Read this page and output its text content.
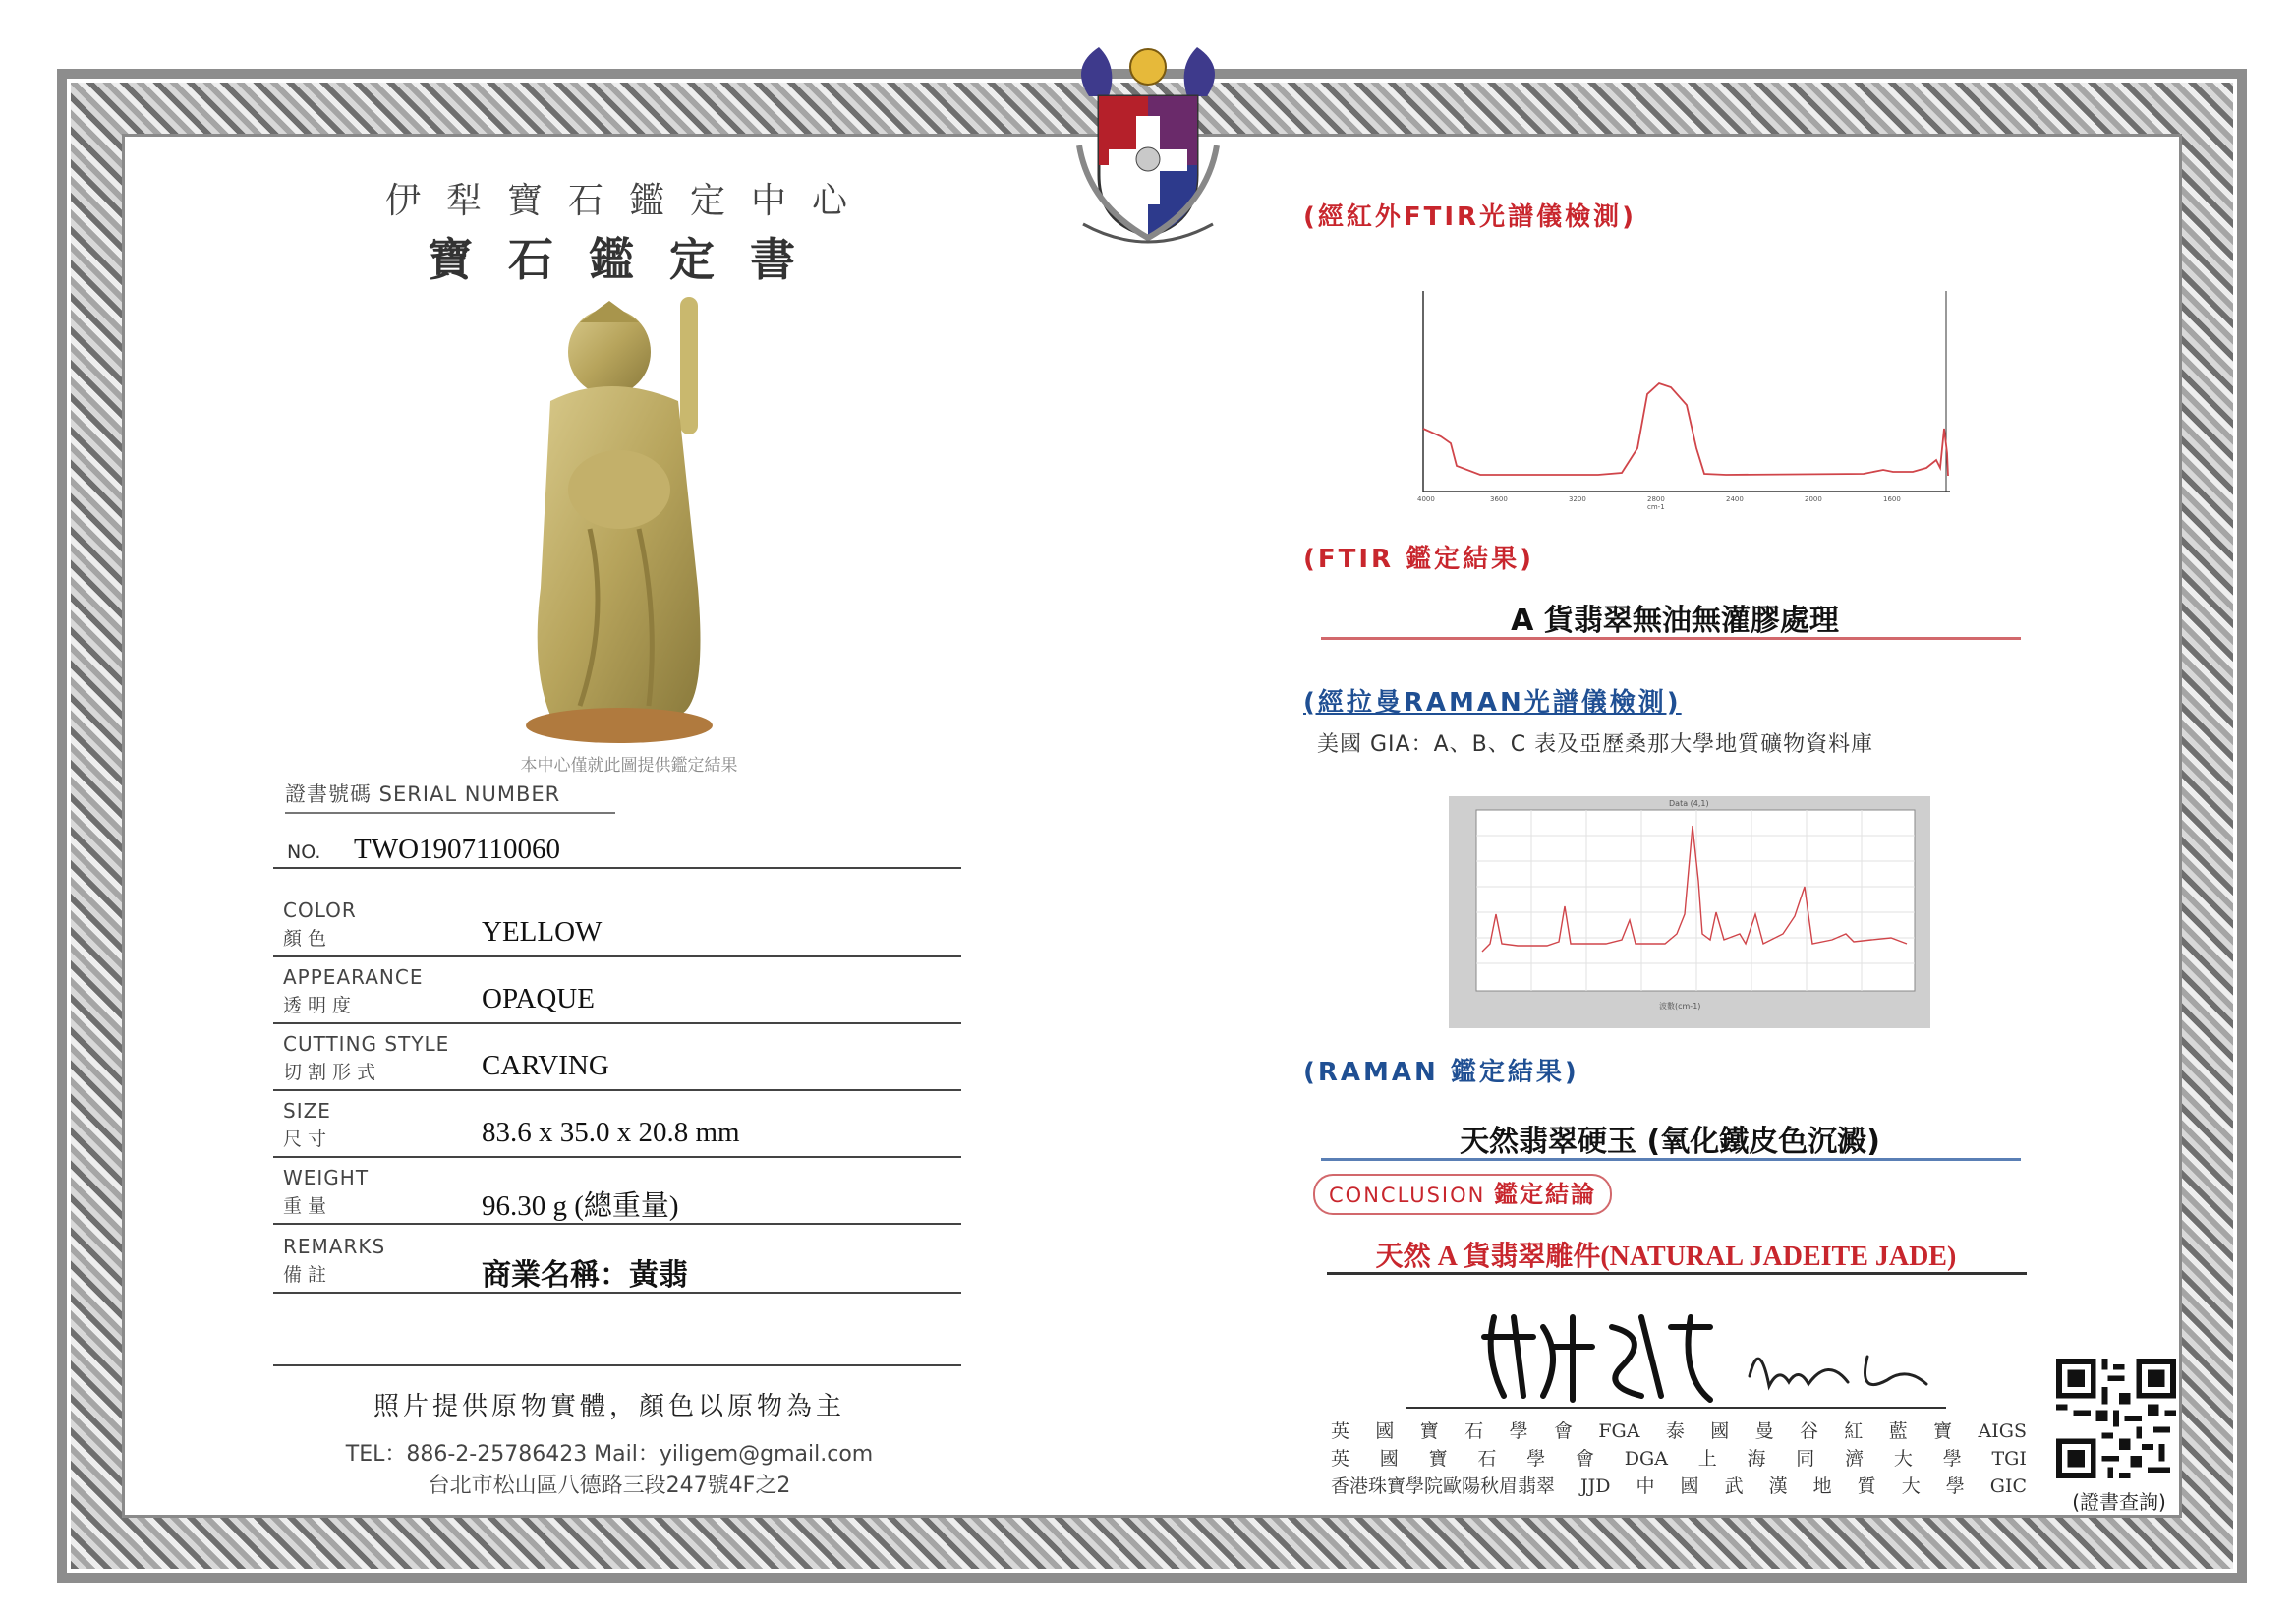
伊犁寶石鑑定中心
寶石鑑定書
本中心僅就此圖提供鑑定結果
證書號碼 SERIAL NUMBER
NO. TWO1907110060
COLOR
顏色	YELLOW
APPEARANCE
透明度	OPAQUE
CUTTING STYLE
切割形式	CARVING
SIZE
尺寸	83.6 x 35.0 x 20.8 mm
WEIGHT
重量	96.30 g (總重量)
REMARKS
備註	商業名稱：黃翡
照片提供原物實體，顏色以原物為主
TEL：886-2-25786423 Mail：yiligem@gmail.com
台北市松山區八德路三段247號4F之2
(經紅外FTIR光譜儀檢測)
4000	3600	3200	2800	2400	2000	1600
cm-1
(FTIR 鑑定結果)
A 貨翡翠無油無灌膠處理
(經拉曼RAMAN光譜儀檢測)
美國 GIA：A、B、C 表及亞歷桑那大學地質礦物資料庫
Data (4,1)
波數(cm-1)
(RAMAN 鑑定結果)
天然翡翠硬玉 (氧化鐵皮色沉澱)
CONCLUSION 鑑定結論
天然 A 貨翡翠雕件(NATURAL JADEITE JADE)
英 國 寶 石 學 會 FGA 泰 國 曼 谷 紅 藍 寶 AIGS
英 國 寶 石 學 會 DGA 上 海 同 濟 大 學 TGI
香港珠寶學院歐陽秋眉翡翠 JJD 中 國 武 漢 地 質 大 學 GIC
(證書查詢)
